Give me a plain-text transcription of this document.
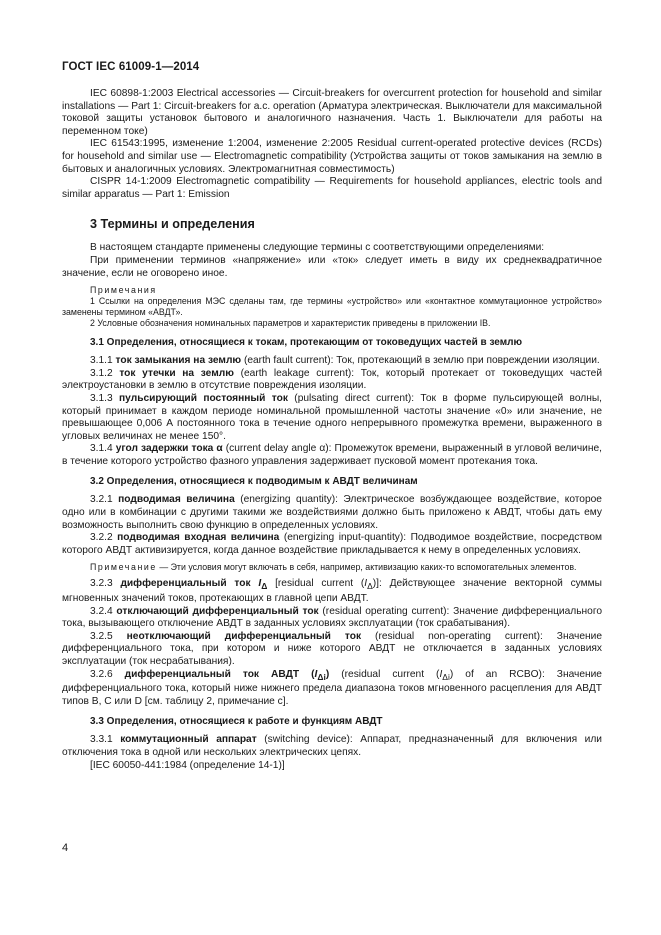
ГОСТ IEC 61009-1—2014

IEC 60898-1:2003 Electrical accessories — Circuit-breakers for overcurrent protection for household and similar installations — Part 1: Circuit-breakers for a.c. operation (Арматура электрическая. Выключатели для максимальной токовой защиты установок бытового и аналогичного назначения. Часть 1. Выключатели для работы на переменном токе)

IEC 61543:1995, изменение 1:2004, изменение 2:2005 Residual current-operated protective devices (RCDs) for household and similar use — Electromagnetic compatibility (Устройства защиты от токов замыкания на землю в бытовых и аналогичных условиях. Электромагнитная совместимость)

CISPR 14-1:2009 Electromagnetic compatibility — Requirements for household appliances, electric tools and similar apparatus — Part 1: Emission

3 Термины и определения

В настоящем стандарте применены следующие термины с соответствующими определениями:

При применении терминов «напряжение» или «ток» следует иметь в виду их среднеквадратичное значение, если не оговорено иное.

Примечания

1 Ссылки на определения МЭС сделаны там, где термины «устройство» или «контактное коммутационное устройство» заменены термином «АВДТ».

2 Условные обозначения номинальных параметров и характеристик приведены в приложении IB.

3.1 Определения, относящиеся к токам, протекающим от токоведущих частей в землю

3.1.1 ток замыкания на землю (earth fault current): Ток, протекающий в землю при повреждении изоляции.

3.1.2 ток утечки на землю (earth leakage current): Ток, который протекает от токоведущих частей электроустановки в землю в отсутствие повреждения изоляции.

3.1.3 пульсирующий постоянный ток (pulsating direct current): Ток в форме пульсирующей волны, который принимает в каждом периоде номинальной промышленной частоты значение «0» или значение, не превышающее 0,006 А постоянного тока в течение одного непрерывного промежутка времени, выраженного в угловых величинах не менее 150°.

3.1.4 угол задержки тока α (current delay angle α): Промежуток времени, выраженный в угловой величине, в течение которого устройство фазного управления задерживает пусковой момент протекания тока.

3.2 Определения, относящиеся к подводимым к АВДТ величинам

3.2.1 подводимая величина (energizing quantity): Электрическое возбуждающее воздействие, которое одно или в комбинации с другими такими же воздействиями должно быть приложено к АВДТ, чтобы дать ему возможность выполнить свою функцию в определенных условиях.

3.2.2 подводимая входная величина (energizing input-quantity): Подводимое воздействие, посредством которого АВДТ активизируется, когда данное воздействие прикладывается к нему в определенных условиях.

Примечание — Эти условия могут включать в себя, например, активизацию каких-то вспомогательных элементов.

3.2.3 дифференциальный ток $I_\Delta$ [residual current $(I_\Delta)$]: Действующее значение векторной суммы мгновенных значений токов, протекающих в главной цепи АВДТ.

3.2.4 отключающий дифференциальный ток (residual operating current): Значение дифференциального тока, вызывающего отключение АВДТ в заданных условиях эксплуатации (ток срабатывания).

3.2.5 неотключающий дифференциальный ток (residual non-operating current): Значение дифференциального тока, при котором и ниже которого АВДТ не отключается в заданных условиях эксплуатации (ток несрабатывания).

3.2.6 дифференциальный ток АВДТ $(I_{\Delta i})$ (residual current $(I_{\Delta i})$ of an RCBO): Значение дифференциального тока, который ниже нижнего предела диапазона токов мгновенного расцепления для АВДТ типов В, С или D [см. таблицу 2, примечание с].

3.3 Определения, относящиеся к работе и функциям АВДТ

3.3.1 коммутационный аппарат (switching device): Аппарат, предназначенный для включения или отключения тока в одной или нескольких электрических цепях.

[IEC 60050-441:1984 (определение 14-1)]

4
